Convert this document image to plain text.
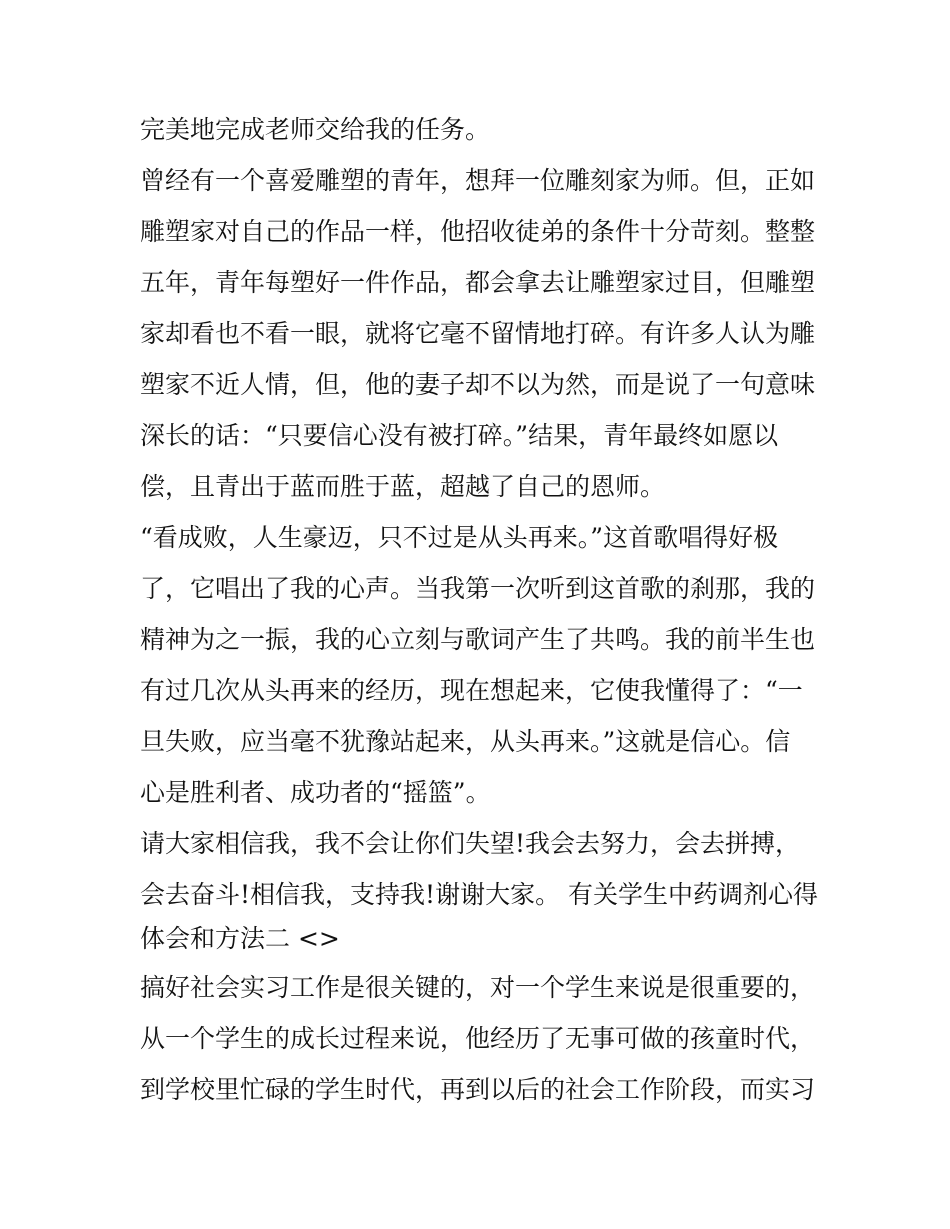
完美地完成老师交给我的任务。
曾经有一个喜爱雕塑的青年，想拜一位雕刻家为师。但，正如
雕塑家对自己的作品一样，他招收徒弟的条件十分苛刻。整整
五年，青年每塑好一件作品，都会拿去让雕塑家过目，但雕塑
家却看也不看一眼，就将它毫不留情地打碎。有许多人认为雕
塑家不近人情，但，他的妻子却不以为然，而是说了一句意味
深长的话：“只要信心没有被打碎。”结果，青年最终如愿以
偿，且青出于蓝而胜于蓝，超越了自己的恩师。
“看成败，人生豪迈，只不过是从头再来。”这首歌唱得好极
了，它唱出了我的心声。当我第一次听到这首歌的刹那，我的
精神为之一振，我的心立刻与歌词产生了共鸣。我的前半生也
有过几次从头再来的经历，现在想起来，它使我懂得了：“一
旦失败，应当毫不犹豫站起来，从头再来。”这就是信心。信
心是胜利者、成功者的“摇篮”。
请大家相信我，我不会让你们失望!我会去努力，会去拼搏，
会去奋斗!相信我，支持我!谢谢大家。 有关学生中药调剂心得
体会和方法二 <>
搞好社会实习工作是很关键的，对一个学生来说是很重要的，
从一个学生的成长过程来说，他经历了无事可做的孩童时代，
到学校里忙碌的学生时代，再到以后的社会工作阶段，而实习
